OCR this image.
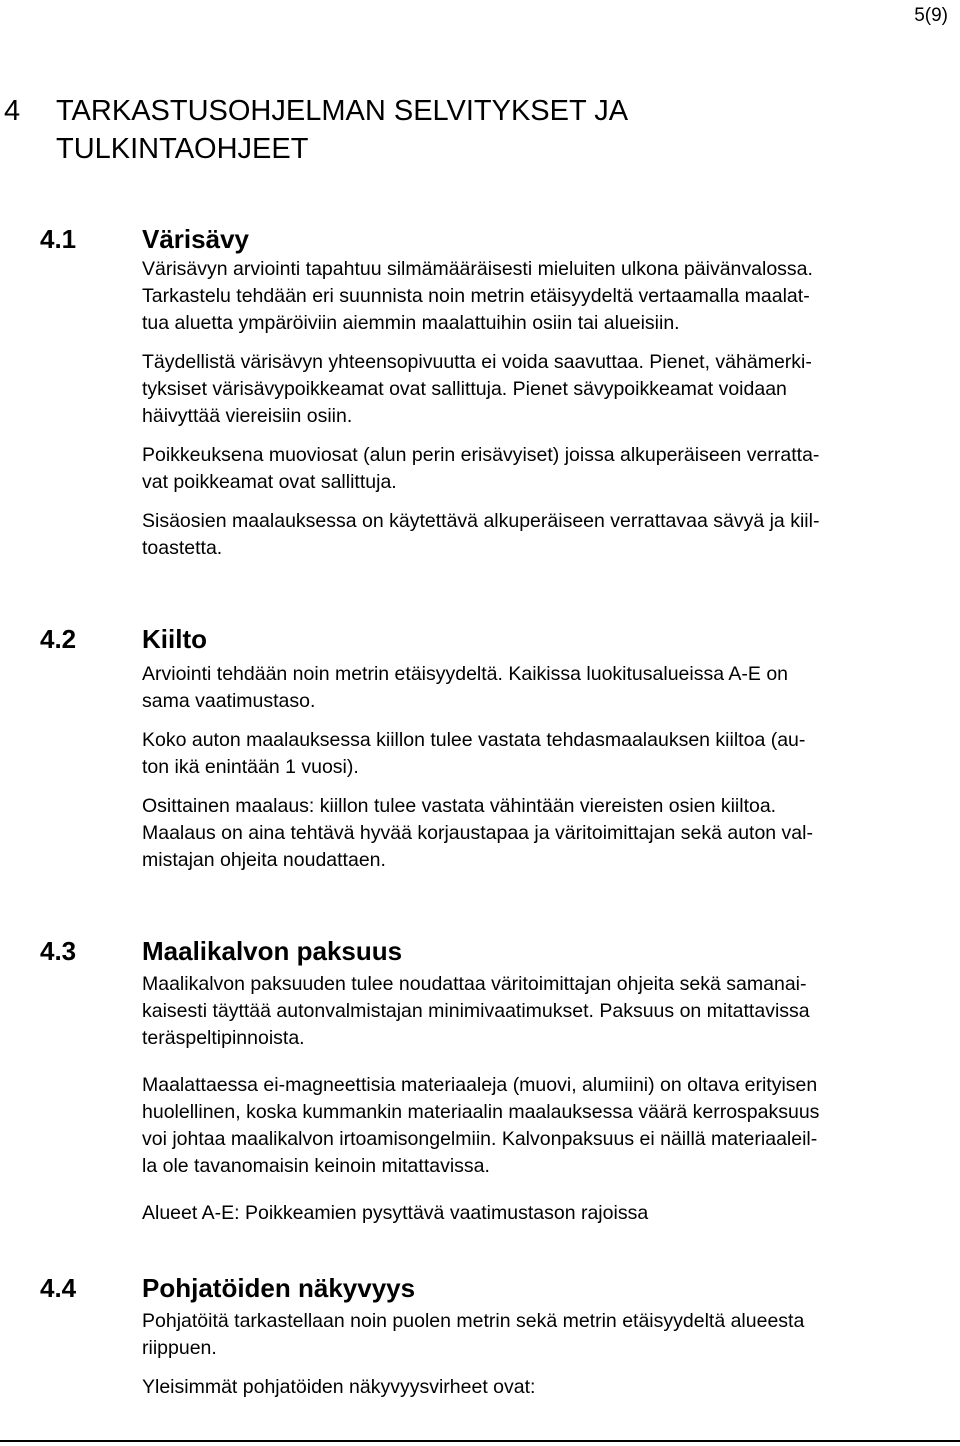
5(9)
4	TARKASTUSOHJELMAN SELVITYKSET JA
TULKINTAOHJEET
4.1	Värisävy

Värisävyn arviointi tapahtuu silmämääräisesti mieluiten ulkona päivänvalossa.
Tarkastelu tehdään eri suunnista noin metrin etäisyydeltä vertaamalla maalat-
tua aluetta ympäröiviin aiemmin maalattuihin osiin tai alueisiin.

Täydellistä värisävyn yhteensopivuutta ei voida saavuttaa. Pienet, vähämerki-
tyksiset värisävypoikkeamat ovat sallittuja. Pienet sävypoikkeamat voidaan
häivyttää viereisiin osiin.

Poikkeuksena muoviosat (alun perin erisävyiset) joissa alkuperäiseen verratta-
vat poikkeamat ovat sallittuja.

Sisäosien maalauksessa on käytettävä alkuperäiseen verrattavaa sävyä ja kiil-
toastetta.

4.2	Kiilto

Arviointi tehdään noin metrin etäisyydeltä. Kaikissa luokitusalueissa A-E on
sama vaatimustaso.

Koko auton maalauksessa kiillon tulee vastata tehdasmaalauksen kiiltoa (au-
ton ikä enintään 1 vuosi).

Osittainen maalaus: kiillon tulee vastata vähintään viereisten osien kiiltoa.
Maalaus on aina tehtävä hyvää korjaustapaa ja väritoimittajan sekä auton val-
mistajan ohjeita noudattaen.

4.3	Maalikalvon paksuus

Maalikalvon paksuuden tulee noudattaa väritoimittajan ohjeita sekä samanai-
kaisesti täyttää autonvalmistajan minimivaatimukset. Paksuus on mitattavissa
teräspeltipinnoista.

Maalattaessa ei-magneettisia materiaaleja (muovi, alumiini) on oltava erityisen
huolellinen, koska kummankin materiaalin maalauksessa väärä kerrospaksuus
voi johtaa maalikalvon irtoamisongelmiin. Kalvonpaksuus ei näillä materiaaleil-
la ole tavanomaisin keinoin mitattavissa.

Alueet A-E: Poikkeamien pysyttävä vaatimustason rajoissa

4.4	Pohjatöiden näkyvyys

Pohjatöitä tarkastellaan noin puolen metrin sekä metrin etäisyydeltä alueesta
riippuen.

Yleisimmät pohjatöiden näkyvyysvirheet ovat:
